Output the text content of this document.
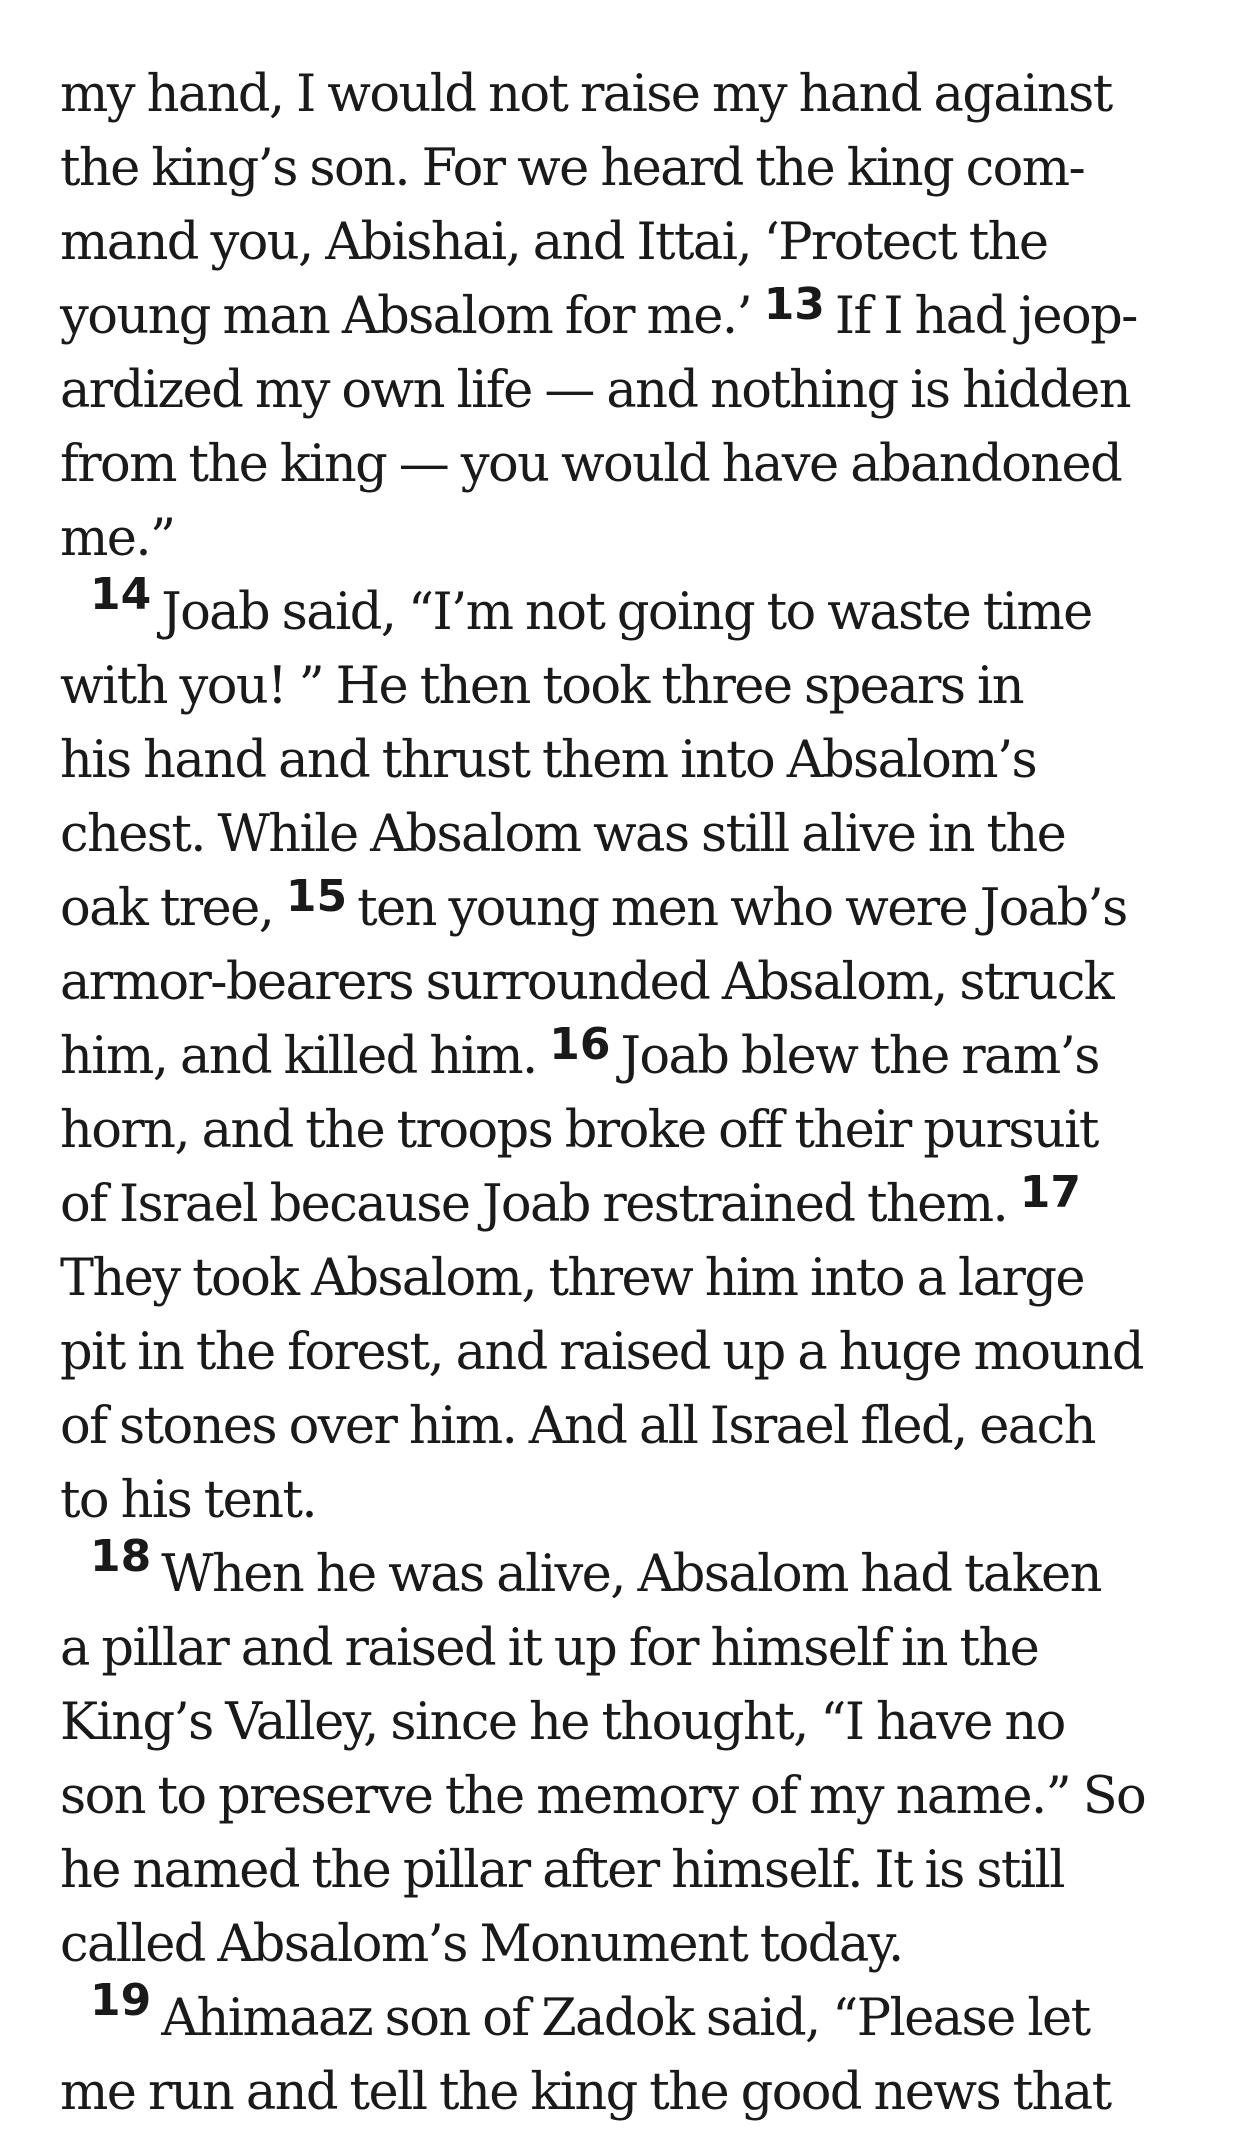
my hand, I would not raise my hand against
the king’s son. For we heard the king com-
mand you, Abishai, and Ittai, ‘Protect the
young man Absalom for me.’ 13 If I had jeop-
ardized my own life — and nothing is hidden
from the king — you would have abandoned
me.”
14 Joab said, “I’m not going to waste time
with you! ” He then took three spears in
his hand and thrust them into Absalom’s
chest. While Absalom was still alive in the
oak tree, 15 ten young men who were Joab’s
armor-bearers surrounded Absalom, struck
him, and killed him. 16 Joab blew the ram’s
horn, and the troops broke off their pursuit
of Israel because Joab restrained them. 17
They took Absalom, threw him into a large
pit in the forest, and raised up a huge mound
of stones over him. And all Israel fled, each
to his tent.
18 When he was alive, Absalom had taken
a pillar and raised it up for himself in the
King’s Valley, since he thought, “I have no
son to preserve the memory of my name.” So
he named the pillar after himself. It is still
called Absalom’s Monument today.
19 Ahimaaz son of Zadok said, “Please let
me run and tell the king the good news that
